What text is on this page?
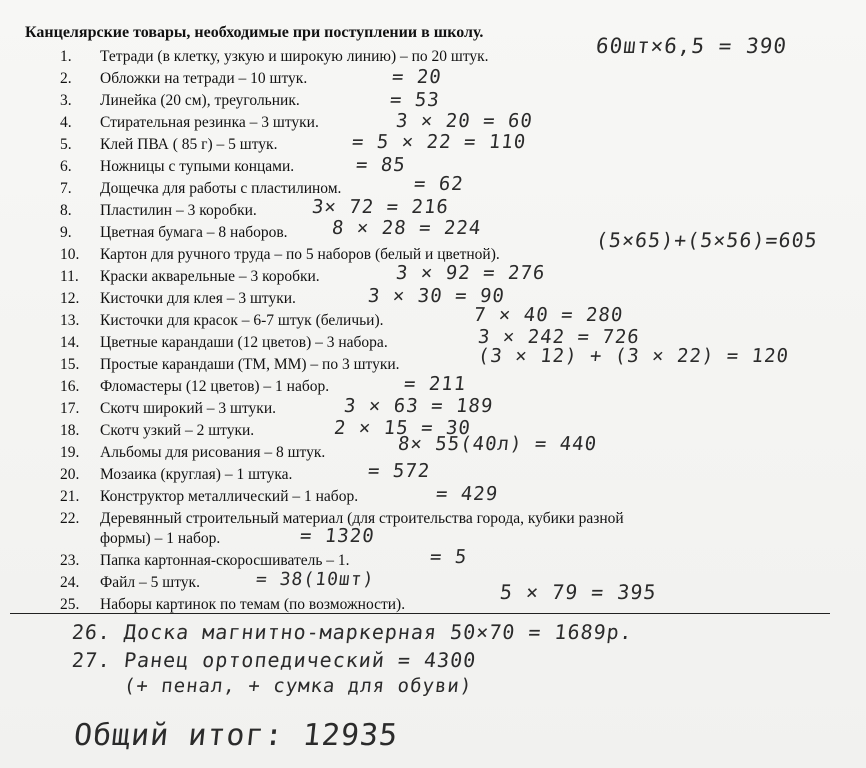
Канцелярские товары, необходимые при поступлении в школу.
1. Тетради (в клетку, узкую и широкую линию) – по 20 штук.
2. Обложки на тетради – 10 штук.
3. Линейка (20 см), треугольник.
4. Стирательная резинка – 3 штуки.
5. Клей ПВА ( 85 г) – 5 штук.
6. Ножницы с тупыми концами.
7. Дощечка для работы с пластилином.
8. Пластилин – 3 коробки.
9. Цветная бумага – 8 наборов.
10. Картон для ручного труда – по 5 наборов (белый и цветной).
11. Краски акварельные – 3 коробки.
12. Кисточки для клея – 3 штуки.
13. Кисточки для красок – 6-7 штук (беличьи).
14. Цветные карандаши (12 цветов) – 3 набора.
15. Простые карандаши (ТМ, ММ) – по 3 штуки.
16. Фломастеры (12 цветов) – 1 набор.
17. Скотч широкий – 3 штуки.
18. Скотч узкий – 2 штуки.
19. Альбомы для рисования – 8 штук.
20. Мозаика (круглая) – 1 штука.
21. Конструктор металлический – 1 набор.
22. Деревянный строительный материал (для строительства города, кубики разной
формы) – 1 набор.
23. Папка картонная-скоросшиватель – 1.
24. Файл – 5 штук.
25. Наборы картинок по темам (по возможности).
60шт×6,5 = 390
= 20
= 53
3 × 20 = 60
= 5 × 22 = 110
= 85
= 62
3× 72 = 216
8 × 28 = 224	(5×65)+(5×56)=605
3 × 92 = 276
3 × 30 = 90
7 × 40 = 280
3 × 242 = 726
(3 × 12) + (3 × 22) = 120
= 211
3 × 63 = 189
2 × 15 = 30
8× 55(40л) = 440
= 572
= 429
= 1320
= 5
= 38(10шт)
5 × 79 = 395
26. Доска магнитно-маркерная 50×70 = 1689р.
27. Ранец ортопедический = 4300
(+ пенал, + сумка для обуви)
Общий итог: 12935
